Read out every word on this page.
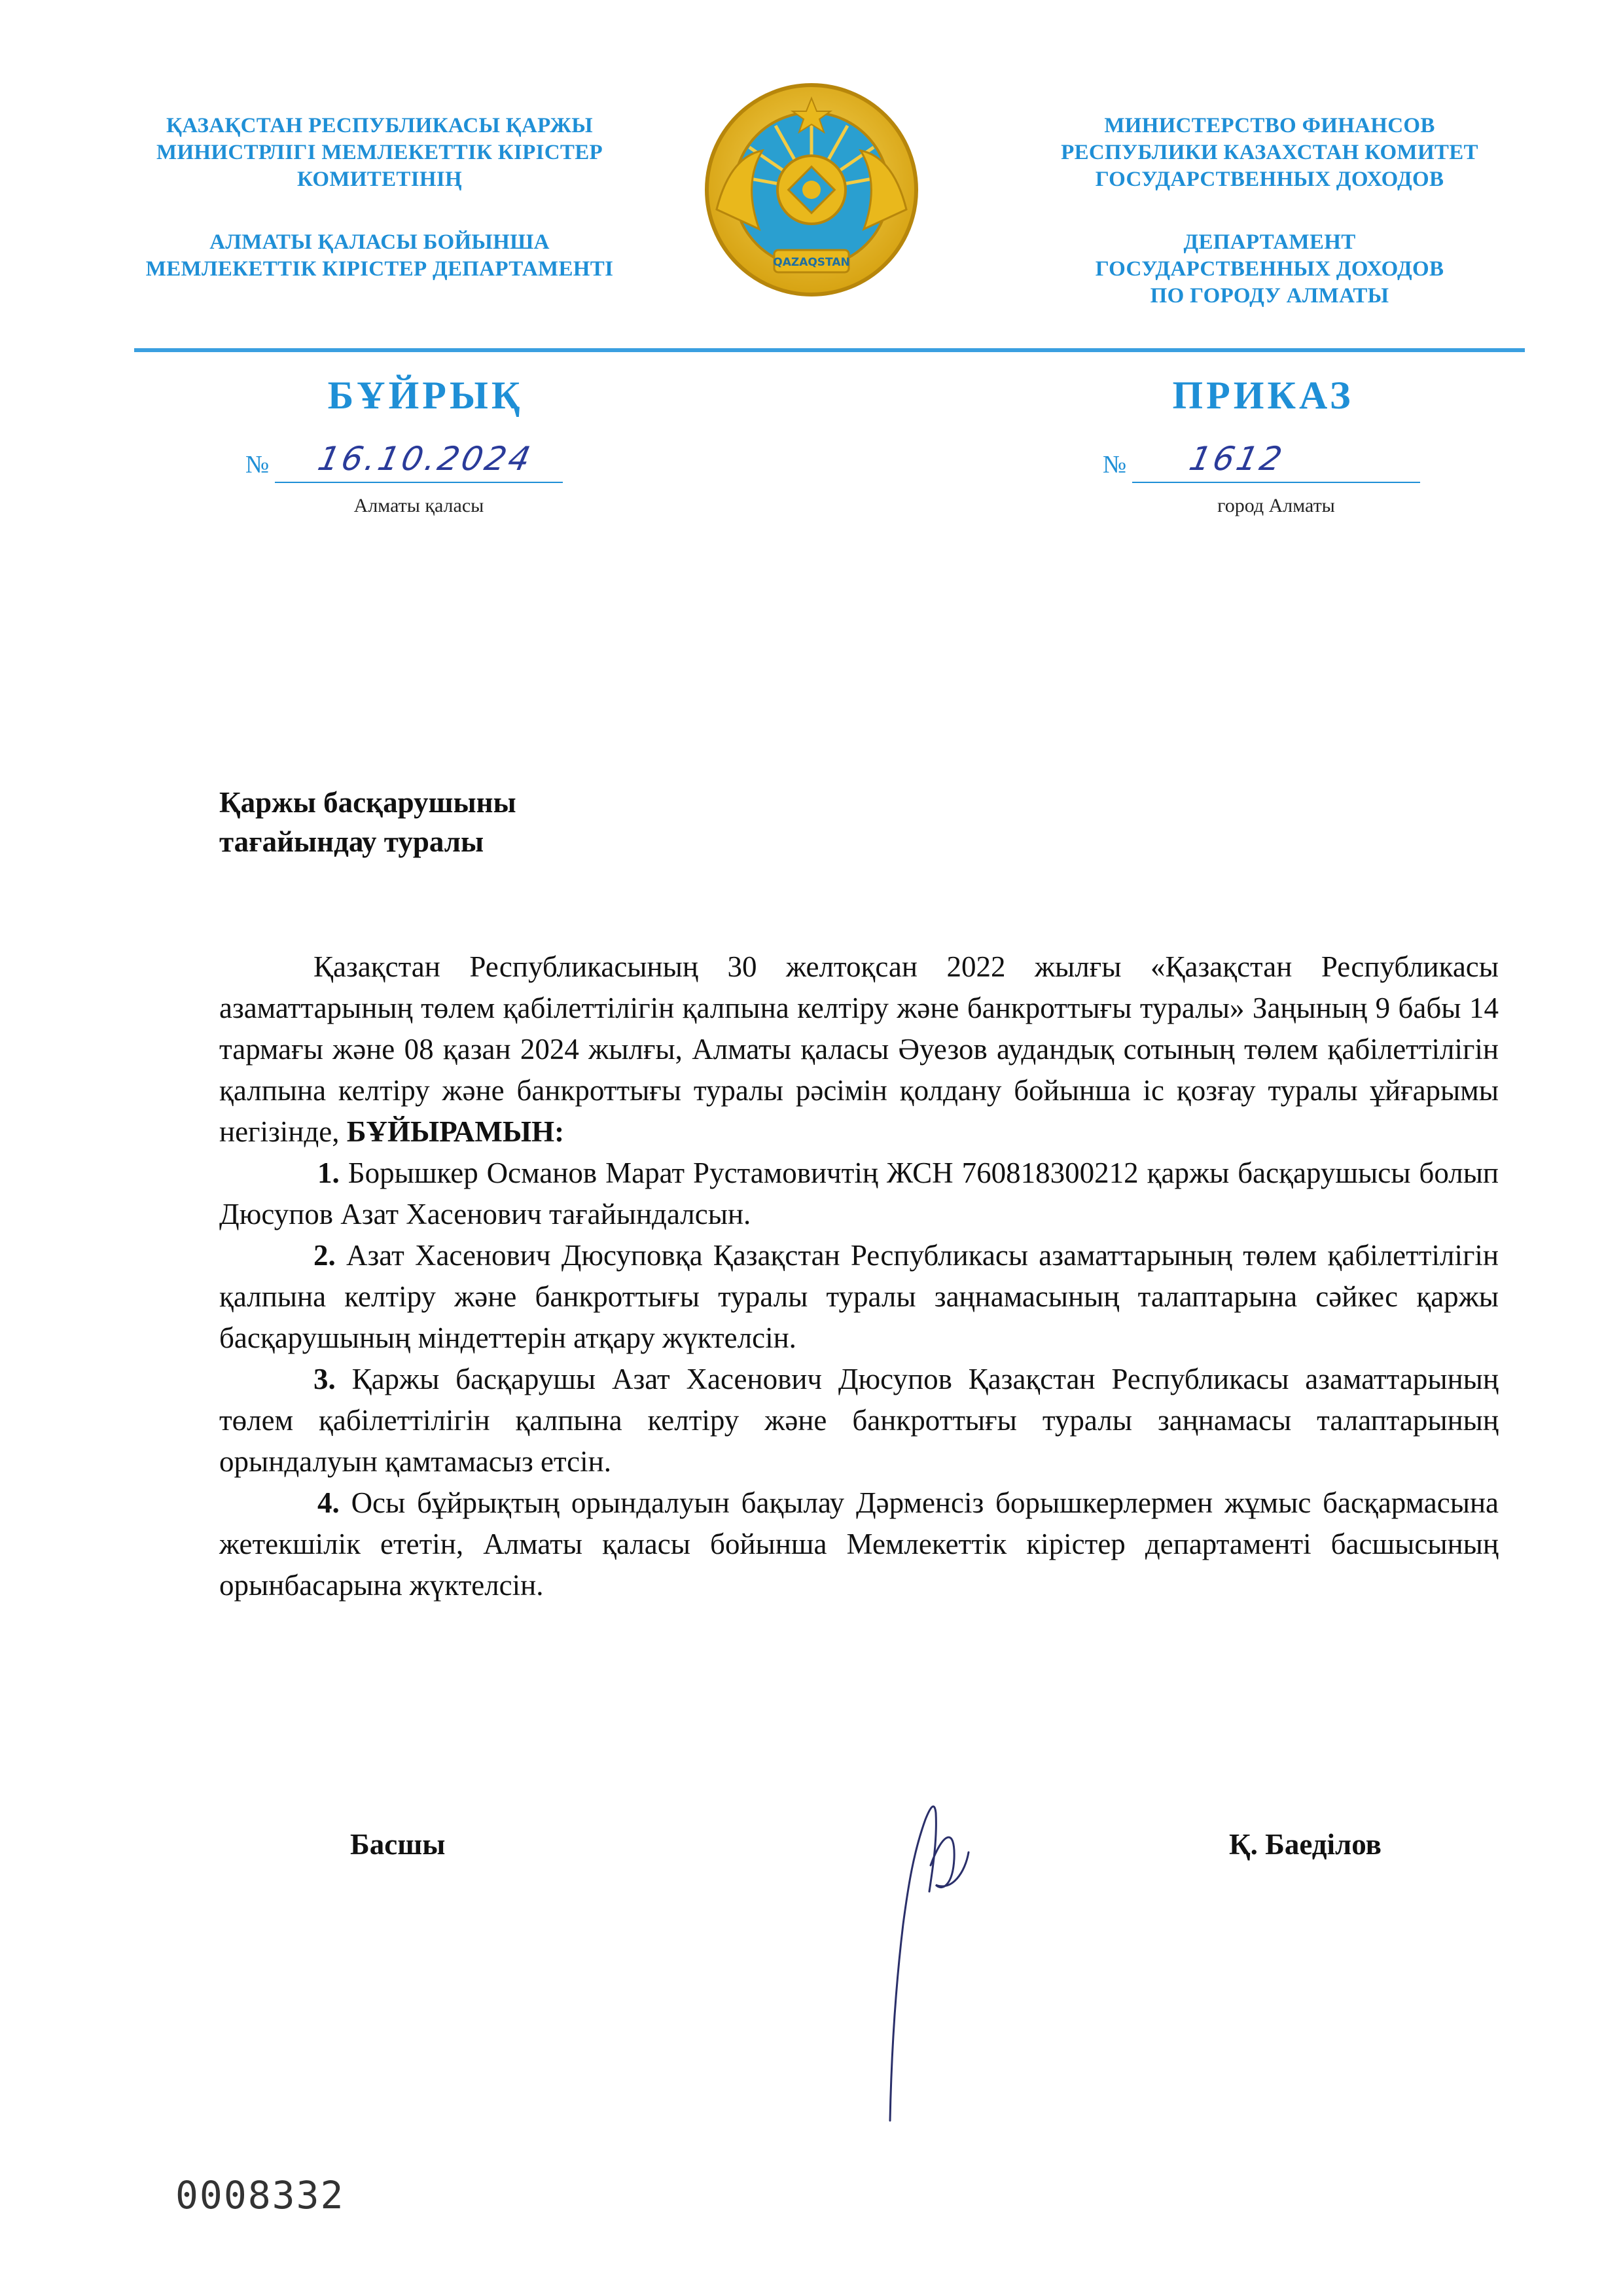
ҚАЗАҚСТАН РЕСПУБЛИКАСЫ ҚАРЖЫ

МИНИСТРЛІГІ МЕМЛЕКЕТТІК КІРІСТЕР

КОМИТЕТІНІҢ

АЛМАТЫ ҚАЛАСЫ БОЙЫНША

МЕМЛЕКЕТТІК КІРІСТЕР ДЕПАРТАМЕНТІ	QAZAQSTAN

МИНИСТЕРСТВО ФИНАНСОВ

РЕСПУБЛИКИ КАЗАХСТАН КОМИТЕТ

ГОСУДАРСТВЕННЫХ ДОХОДОВ

ДЕПАРТАМЕНТ

ГОСУДАРСТВЕННЫХ ДОХОДОВ

ПО ГОРОДУ АЛМАТЫ

БҰЙРЫҚ	ПРИКАЗ
№	16.10.2024
Алматы қаласы
№	1612
город Алматы
Қаржы басқарушыны
тағайындау туралы

Қазақстан Республикасының 30 желтоқсан 2022 жылғы «Қазақстан Республикасы азаматтарының төлем қабілеттілігін қалпына келтіру және банкроттығы туралы» Заңының 9 бабы 14 тармағы және 08 қазан 2024 жылғы, Алматы қаласы Әуезов аудандық сотының төлем қабілеттілігін қалпына келтіру және банкроттығы туралы рәсімін қолдану бойынша іс қозғау туралы ұйғарымы негізінде, БҰЙЫРАМЫН:

1. Борышкер Османов Марат Рустамовичтің ЖСН 760818300212 қаржы басқарушысы болып Дюсупов Азат Хасенович тағайындалсын.

2. Азат Хасенович Дюсуповқа Қазақстан Республикасы азаматтарының төлем қабілеттілігін қалпына келтіру және банкроттығы туралы туралы заңнамасының талаптарына сәйкес қаржы басқарушының міндеттерін атқару жүктелсін.

3. Қаржы басқарушы Азат Хасенович Дюсупов Қазақстан Республикасы азаматтарының төлем қабілеттілігін қалпына келтіру және банкроттығы туралы заңнамасы талаптарының орындалуын қамтамасыз етсін.

4. Осы бұйрықтың орындалуын бақылау Дәрменсіз борышкерлермен жұмыс басқармасына жетекшілік ететін, Алматы қаласы бойынша Мемлекеттік кірістер департаменті басшысының орынбасарына жүктелсін.

Басшы	Қ. Баеділов
0008332
